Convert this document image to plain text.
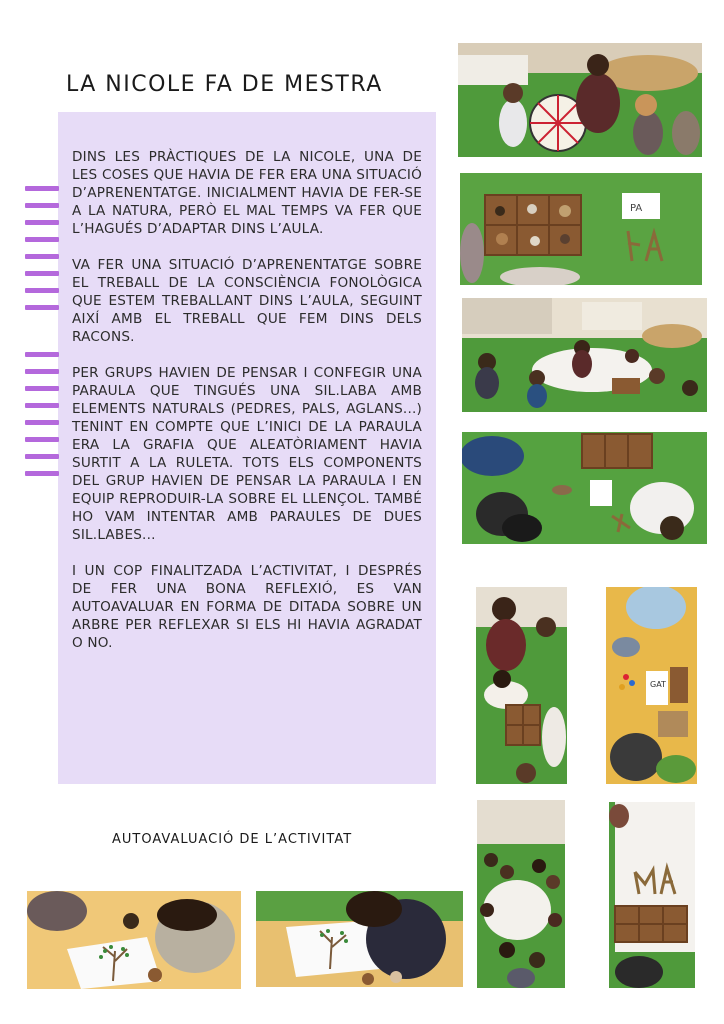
LA NICOLE FA DE MESTRA

DINS LES PRÀCTIQUES DE LA NICOLE, UNA DE LES COSES QUE HAVIA DE FER ERA UNA SITUACIÓ D’APRENENTATGE. INICIALMENT HAVIA DE FER-SE A LA NATURA, PERÒ EL MAL TEMPS VA FER QUE L’HAGUÉS D’ADAPTAR DINS L’AULA.

VA FER UNA SITUACIÓ D’APRENENTATGE SOBRE EL TREBALL DE LA CONSCIÈNCIA FONOLÒGICA QUE ESTEM TREBALLANT DINS L’AULA, SEGUINT AIXÍ AMB EL TREBALL QUE FEM DINS DELS RACONS.

PER GRUPS HAVIEN DE PENSAR I CONFEGIR UNA PARAULA QUE TINGUÉS UNA SIL.LABA AMB ELEMENTS NATURALS (PEDRES, PALS, AGLANS...) TENINT EN COMPTE QUE L’INICI DE LA PARAULA ERA LA GRAFIA QUE ALEATÒRIAMENT HAVIA SURTIT A LA RULETA. TOTS ELS COMPONENTS DEL GRUP HAVIEN DE PENSAR LA PARAULA I EN EQUIP REPRODUIR-LA SOBRE EL LLENÇOL. TAMBÉ HO VAM INTENTAR AMB PARAULES DE DUES SIL.LABES...

I UN COP FINALITZADA L’ACTIVITAT, I DESPRÉS DE FER UNA BONA REFLEXIÓ, ES VAN AUTOAVALUAR EN FORMA DE DITADA SOBRE UN ARBRE PER REFLEXAR SI ELS HI HAVIA AGRADAT O NO.

AUTOAVALUACIÓ DE L’ACTIVITAT
PA
GAT
